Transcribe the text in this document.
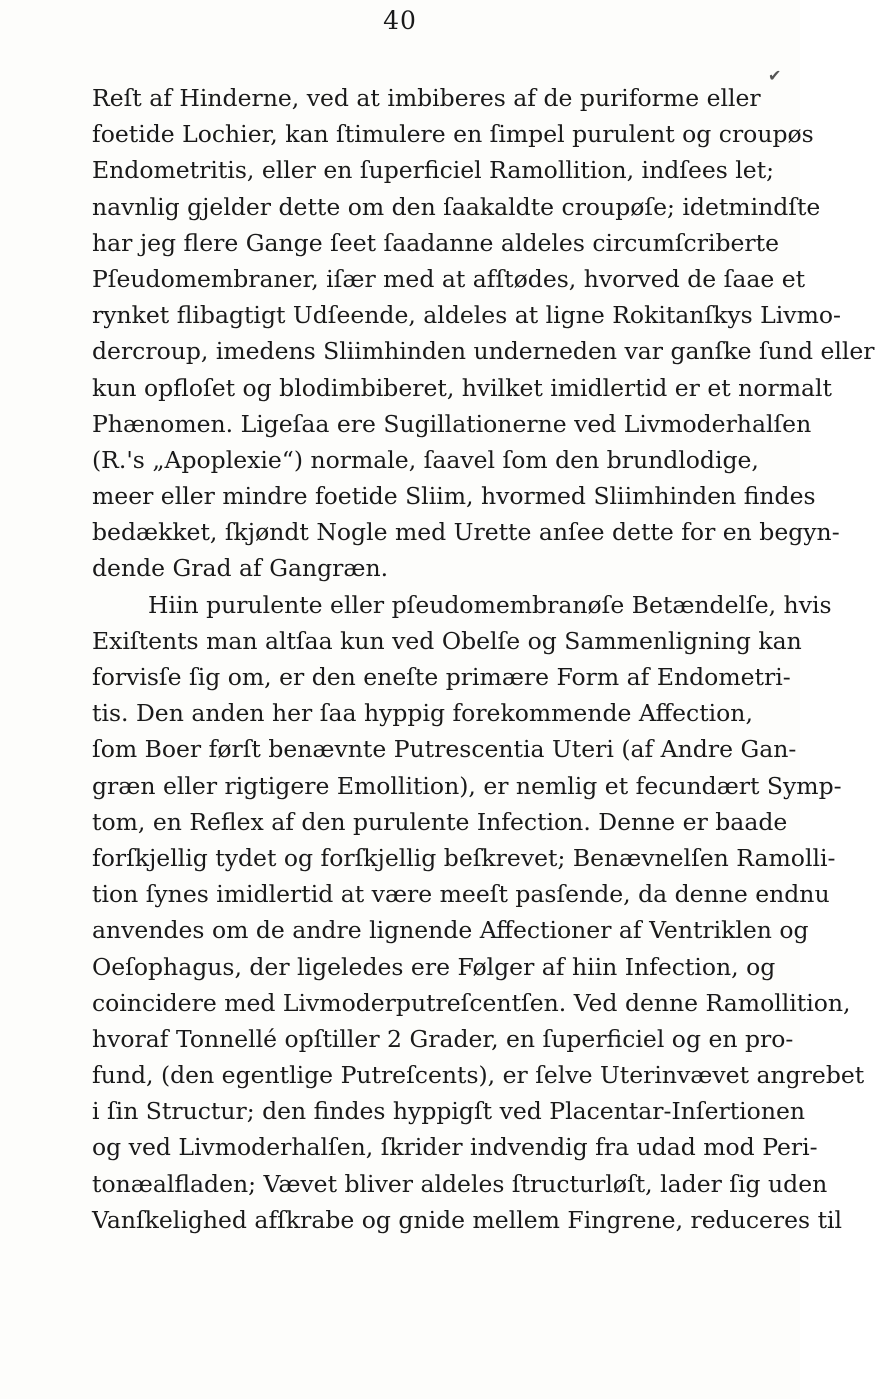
40
✔
Reſt af Hinderne, ved at imbiberes af de puriforme eller
foetide Lochier, kan ſtimulere en ſimpel purulent og croupøs
Endometritis, eller en ſuperficiel Ramollition, indſees let;
navnlig gjelder dette om den ſaakaldte croupøſe; idetmindſte
har jeg flere Gange ſeet ſaadanne aldeles circumſcriberte
Pſeudomembraner, iſær med at afſtødes, hvorved de ſaae et
rynket flibagtigt Udſeende, aldeles at ligne Rokitanſkys Livmo-
dercroup, imedens Sliimhinden underneden var ganſke ſund eller
kun opfloſet og blodimbiberet, hvilket imidlertid er et normalt
Phænomen. Ligeſaa ere Sugillationerne ved Livmoderhalſen
(R.'s „Apoplexie“) normale, ſaavel ſom den brundlodige,
meer eller mindre foetide Sliim, hvormed Sliimhinden findes
bedækket, ſkjøndt Nogle med Urette anſee dette for en begyn-
dende Grad af Gangræn.
Hiin purulente eller pſeudomembranøſe Betændelſe, hvis
Exiſtents man altſaa kun ved Obelſe og Sammenligning kan
forvisſe ſig om, er den eneſte primære Form af Endometri-
tis. Den anden her ſaa hyppig forekommende Affection,
ſom Boer førſt benævnte Putrescentia Uteri (af Andre Gan-
græn eller rigtigere Emollition), er nemlig et fecundært Symp-
tom, en Reflex af den purulente Infection. Denne er baade
forſkjellig tydet og forſkjellig beſkrevet; Benævnelſen Ramolli-
tion ſynes imidlertid at være meeſt pasſende, da denne endnu
anvendes om de andre lignende Affectioner af Ventriklen og
Oeſophagus, der ligeledes ere Følger af hiin Infection, og
coincidere med Livmoderputreſcentſen. Ved denne Ramollition,
hvoraf Tonnellé opſtiller 2 Grader, en ſuperficiel og en pro-
fund, (den egentlige Putreſcents), er ſelve Uterinvævet angrebet
i ſin Structur; den findes hyppigſt ved Placentar-Inſertionen
og ved Livmoderhalſen, ſkrider indvendig fra udad mod Peri-
tonæalfladen; Vævet bliver aldeles ſtructurløſt, lader ſig uden
Vanſkelighed afſkrabe og gnide mellem Fingrene, reduceres til
